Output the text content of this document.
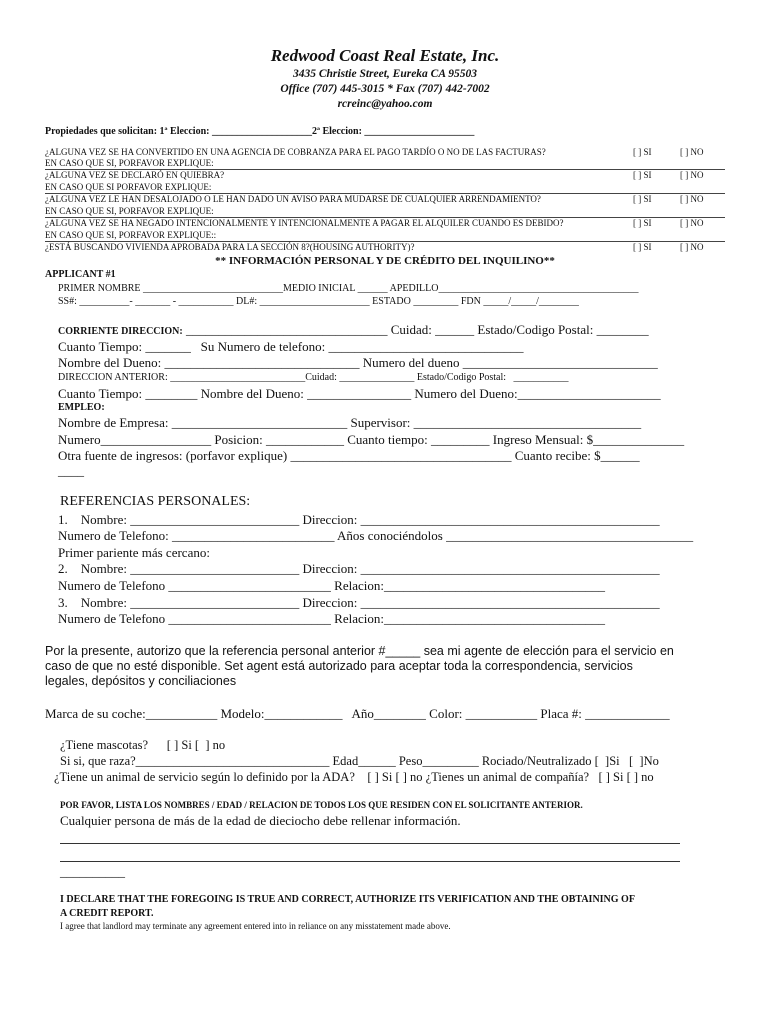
Redwood Coast Real Estate, Inc.
3435 Christie Street, Eureka CA 95503
Office (707) 445-3015 * Fax (707) 442-7002
rcreinc@yahoo.com
Propiedades que solicitan: 1ª Eleccion: ____________________2ª Eleccion: ______________________
¿ALGUNA VEZ SE HA CONVERTIDO EN UNA AGENCIA DE COBRANZA PARA EL PAGO TARDÍO O NO DE LAS FACTURAS?	[ ] SI	[ ] NO
EN CASO QUE SI, PORFAVOR EXPLIQUE:
¿ALGUNA VEZ SE DECLARÓ EN QUIEBRA?	[ ] SI	[ ] NO
EN CASO QUE SI PORFAVOR EXPLIQUE:
¿ALGUNA VEZ LE HAN DESALOJADO O LE HAN DADO UN AVISO PARA MUDARSE DE CUALQUIER ARRENDAMIENTO?	[ ] SI	[ ] NO
EN CASO QUE SI, PORFAVOR EXPLIQUE:
¿ALGUNA VEZ SE HA NEGADO INTENCIONALMENTE Y INTENCIONALMENTE A PAGAR EL ALQUILER CUANDO ES DEBIDO?	[ ] SI	[ ] NO
EN CASO QUE SI, PORFAVOR EXPLIQUE::
¿ESTÁ BUSCANDO VIVIENDA APROBADA PARA LA SECCIÓN 8?(HOUSING AUTHORITY)?	[ ] SI	[ ] NO
** INFORMACIÓN PERSONAL Y DE CRÉDITO DEL INQUILINO**
APPLICANT #1
PRIMER NOMBRE ____________________________MEDIO INICIAL ______ APEDILLO________________________________________
SS#: __________- _______ - ___________ DL#: ______________________ ESTADO _________ FDN _____/_____/________
CORRIENTE DIRECCION: _______________________________ Cuidad: ______ Estado/Codigo Postal: ________
Cuanto Tiempo: _______   Su Numero de telefono: ______________________________
Nombre del Dueno: ______________________________ Numero del dueno ______________________________
DIRECCION ANTERIOR: ___________________________Cuidad: _______________ Estado/Codigo Postal:   ___________
Cuanto Tiempo: ________ Nombre del Dueno: ________________ Numero del Dueno:______________________
EMPLEO:
Nombre de Empresa: ___________________________ Supervisor: ___________________________________
Numero_________________ Posicion: ____________ Cuanto tiempo: _________ Ingreso Mensual: $______________
Otra fuente de ingresos: (porfavor explique) __________________________________ Cuanto recibe: $______
____
REFERENCIAS PERSONALES:
1.    Nombre: __________________________ Direccion: ______________________________________________
Numero de Telefono: _________________________ Años conociéndolos ______________________________________
Primer pariente más cercano:
2.    Nombre: __________________________ Direccion: ______________________________________________
Numero de Telefono _________________________ Relacion:__________________________________
3.    Nombre: __________________________ Direccion: ______________________________________________
Numero de Telefono _________________________ Relacion:__________________________________
Por la presente, autorizo que la referencia personal anterior #_____ sea mi agente de elección para el servicio en
caso de que no esté disponible. Set agent está autorizado para aceptar toda la correspondencia, servicios
legales, depósitos y conciliaciones
Marca de su coche:___________ Modelo:____________   Año________ Color: ___________ Placa #: _____________
¿Tiene mascotas?      [ ] Si [  ] no
Si si, que raza?_______________________________ Edad______ Peso_________ Rociado/Neutralizado [  ]Si   [  ]No
¿Tiene un animal de servicio según lo definido por la ADA?    [ ] Si [ ] no ¿Tienes un animal de compañía?   [ ] Si [ ] no
POR FAVOR, LISTA LOS NOMBRES / EDAD / RELACION DE TODOS LOS QUE RESIDEN CON EL SOLICITANTE ANTERIOR.
Cualquier persona de más de la edad de dieciocho debe rellenar información.
__________
I DECLARE THAT THE FOREGOING IS TRUE AND CORRECT, AUTHORIZE ITS VERIFICATION AND THE OBTAINING OF
A CREDIT REPORT.
I agree that landlord may terminate any agreement entered into in reliance on any misstatement made above.
